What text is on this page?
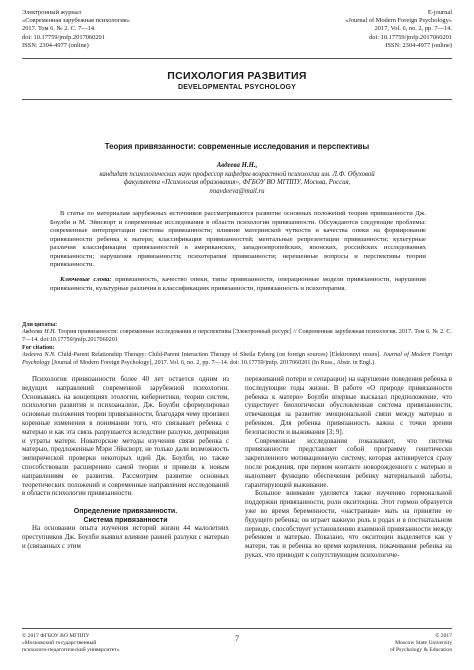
Электронный журнал
«Современная зарубежная психология»
2017. Том 6. № 2. С. 7—14.
doi: 10.17759/jmfp.2017060201
ISSN: 2304-4977 (online)
E-journal
«Journal of Modern Foreign Psychology»
2017, Vol. 6, no. 2, pp. 7—14.
doi: 10.17759/jmfp.2017060201
ISSN: 2304-4977 (online)
ПСИХОЛОГИЯ РАЗВИТИЯ
DEVELOPMENTAL PSYCHOLOGY
Теория привязанности: современные исследования и перспективы
Авдеева Н.Н.,
кандидат психологических наук профессор кафедры возрастной психологии им. Л.Ф. Обуховой
факультета «Психология образования», ФГБОУ ВО МГППУ, Москва, Россия,
nnavdeeva@mail.ru

В статье по материалам зарубежных источников рассматриваются развитие основных положений теории привязанности Дж. Боулби и М. Эйнсворт и современные исследования в области психологии привязанности. Обсуждаются следующие проблемы: современные интерпретации системы привязанности; влияние материнской чуткости и качества опеки на формирование привязанности ребенка к матери; классификация привязанностей; ментальные репрезентации привязанности; культурные различия классификации привязанностей в американских, западноевропейских, японских, российских исследованиях привязанности; нарушения привязанности; психотерапия привязанности; нерешенные вопросы и перспективы теории привязанности.

Ключевые слова: привязанность, качество опеки, типы привязанности, операционные модели привязанности, нарушения привязанности, культурные различия в классификациях привязанности, привязанность и психотерапия.

Для цитаты:
Авдеева Н.Н. Теория привязанности: современные исследования и перспективы [Электронный ресурс] // Современная зарубежная психология. 2017. Том 6. № 2. С. 7—14. doi:10.17759/jmfp.2017060201
For citation:
Avdeeva N.N. Child-Parent Relationship Therapy: Child-Parent Interaction Therapy of Sheila Eyberg (on foreign sources) [Elektronnyi resurs]. Journal of Modern Foreign Psychology [Journal of Modern Foreign Psychology], 2017. Vol. 6, no. 2, pp. 7—14. doi: 10.17759/jmfp. 2017060201 (In Russ., Abstr. in Engl.).

Психология привязанности более 40 лет остается одним из ведущих направлений современной зарубежной психологии. Основываясь на концепциях этологии, кибернетики, теории систем, психологии развития и психоанализе, Дж. Боулби сформулировал основные положения теории привязанности, благодаря чему произвел коренные изменения в понимании того, что связывает ребенка с матерью и как эта связь разрушается вследствие разлуки, депривации и утраты матери. Новаторские методы изучения связи ребенка с матерью, предложенные Мэри Эйнсворт, не только дали возможность эмпирической проверки некоторых идей Дж. Боулби, но также способствовали расширению самой теории и привели к новым направлениям ее развития. Рассмотрим развитие основных теоретических положений и современные направления исследований в области психологии привязанности.

Определение привязанности.
Система привязанности

На основании опыта изучения историй жизни 44 малолетних преступников Дж. Боулби выявил влияние ранней разлуки с матерью и (связанных с этим

переживаний потери и сепарации) на нарушение поведения ребенка в последующие годы жизни. В работе «О природе привязанности ребенка к матери» Боулби впервые высказал предположение, что существует биологически обусловленная система привязанности, отвечающая за развитие эмоциональной связи между матерью и ребенком. Для ребенка привязанность важна с точки зрения безопасности и выживания [3; 9].

Современные исследования показывают, что система привязанности представляет собой программу генетически закрепленного мотивационную систему, которая активируется сразу после рождения, при первом контакте новорожденного с матерью и выполняет функцию обеспечения ребенку материальной заботы, гарантирующей выживание.

Большое внимание уделяется также изучению гормональной поддержки привязанности, роли окситоцина. Этот гормон образуется уже во время беременности, «настраивая» мать на принятие ее будущего ребенка; он играет важную роль в родах и в постнатальном периоде, способствует установлению взаимной привязанности между ребенком и матерью. Показано, что окситоцин выделяется как у матери, так и ребенка во время кормления, покачивания ребенка на руках, что приводит к сопутствующим психологиче-

© 2017 ФГБОУ ВО МГППУ
«Московский государственный
психолого-педагогический университет»
7	© 2017
Moscow State University
of Psychology & Education
